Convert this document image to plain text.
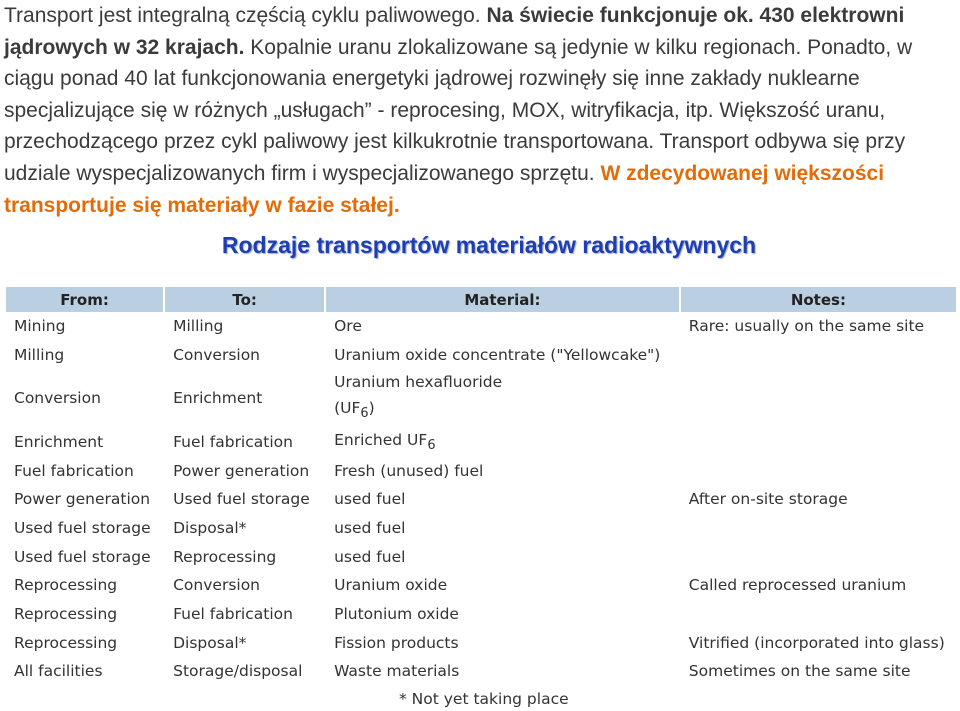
Transport jest integralną częścią cyklu paliwowego. Na świecie funkcjonuje ok. 430 elektrowni jądrowych w 32 krajach. Kopalnie uranu zlokalizowane są jedynie w kilku regionach. Ponadto, w ciągu ponad 40 lat funkcjonowania energetyki jądrowej rozwinęły się inne zakłady nuklearne specjalizujące się w różnych „usługach” - reprocesing, MOX, witryfikacja, itp. Większość uranu, przechodzącego przez cykl paliwowy jest kilkukrotnie transportowana. Transport odbywa się przy udziale wyspecjalizowanych firm i wyspecjalizowanego sprzętu. W zdecydowanej większości transportuje się materiały w fazie stałej.
Rodzaje transportów materiałów radioaktywnych
From:	To:	Material:	Notes:
Mining	Milling	Ore	Rare: usually on the same site
Milling	Conversion	Uranium oxide concentrate ("Yellowcake")	
Conversion	Enrichment	Uranium hexafluoride $(UF_6)$	

Enrichment	Fuel fabrication	Enriched $UF_6$	
Fuel fabrication	Power generation	Fresh (unused) fuel	
Power generation	Used fuel storage	used fuel	After on-site storage
Used fuel storage	Disposal*	used fuel	
Used fuel storage	Reprocessing	used fuel	
Reprocessing	Conversion	Uranium oxide	Called reprocessed uranium
Reprocessing	Fuel fabrication	Plutonium oxide	
Reprocessing	Disposal*	Fission products	Vitrified (incorporated into glass)
All facilities	Storage/disposal	Waste materials	Sometimes on the same site
* Not yet taking place
